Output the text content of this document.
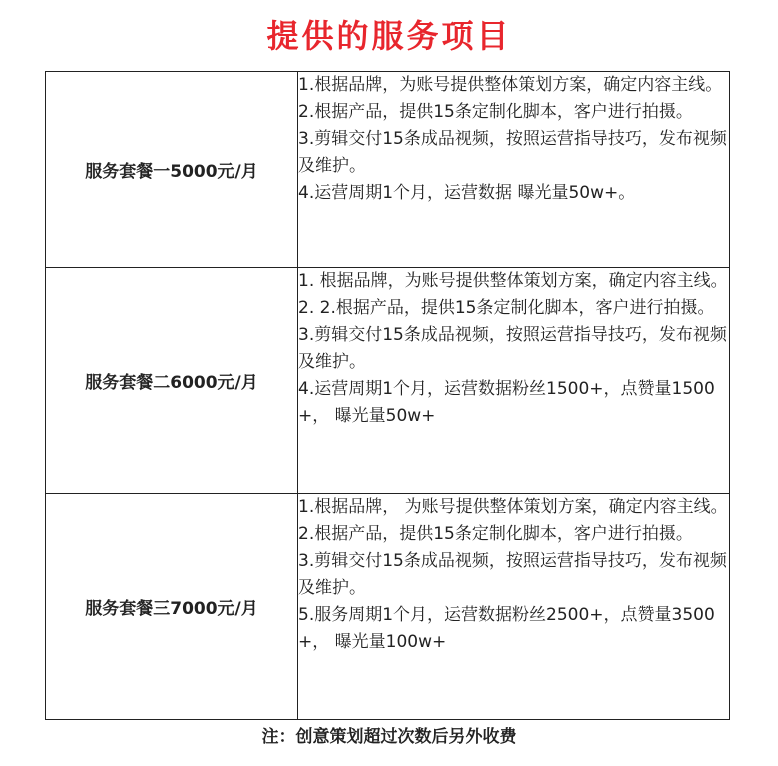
提供的服务项目
服务套餐一5000元/月	1.根据品牌，为账号提供整体策划方案，确定内容主线。
2.根据产品，提供15条定制化脚本，客户进行拍摄。
3.剪辑交付15条成品视频，按照运营指导技巧，发布视频及维护。
4.运营周期1个月，运营数据 曝光量50w+。

服务套餐二6000元/月	1. 根据品牌，为账号提供整体策划方案，确定内容主线。
2. 2.根据产品，提供15条定制化脚本，客户进行拍摄。
3.剪辑交付15条成品视频，按照运营指导技巧，发布视频及维护。
4.运营周期1个月，运营数据粉丝1500+，点赞量1500+， 曝光量50w+

服务套餐三7000元/月	1.根据品牌， 为账号提供整体策划方案，确定内容主线。
2.根据产品，提供15条定制化脚本，客户进行拍摄。
3.剪辑交付15条成品视频，按照运营指导技巧，发布视频及维护。
5.服务周期1个月，运营数据粉丝2500+，点赞量3500+， 曝光量100w+
注：创意策划超过次数后另外收费
